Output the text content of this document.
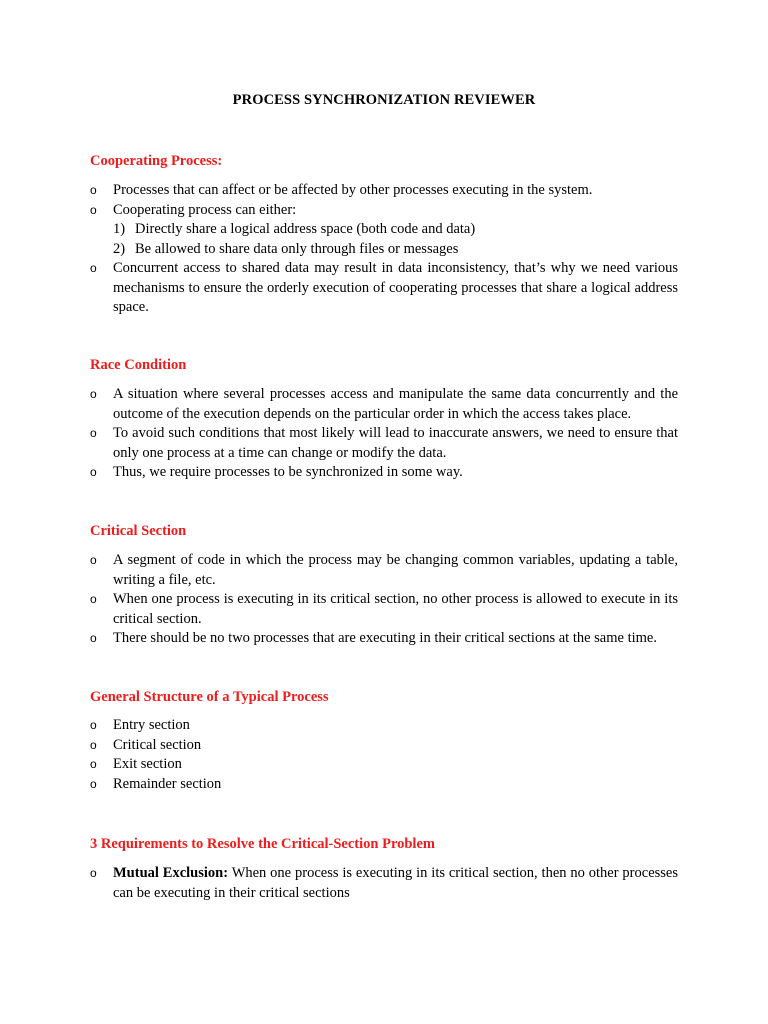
PROCESS SYNCHRONIZATION REVIEWER
Cooperating Process:
o Processes that can affect or be affected by other processes executing in the system.
o Cooperating process can either:
1) Directly share a logical address space (both code and data)
2) Be allowed to share data only through files or messages
o Concurrent access to shared data may result in data inconsistency, that’s why we need various mechanisms to ensure the orderly execution of cooperating processes that share a logical address space.
Race Condition
o A situation where several processes access and manipulate the same data concurrently and the outcome of the execution depends on the particular order in which the access takes place.
o To avoid such conditions that most likely will lead to inaccurate answers, we need to ensure that only one process at a time can change or modify the data.
o Thus, we require processes to be synchronized in some way.
Critical Section
o A segment of code in which the process may be changing common variables, updating a table, writing a file, etc.
o When one process is executing in its critical section, no other process is allowed to execute in its critical section.
o There should be no two processes that are executing in their critical sections at the same time.
General Structure of a Typical Process
o Entry section
o Critical section
o Exit section
o Remainder section
3 Requirements to Resolve the Critical-Section Problem
o Mutual Exclusion: When one process is executing in its critical section, then no other processes can be executing in their critical sections
